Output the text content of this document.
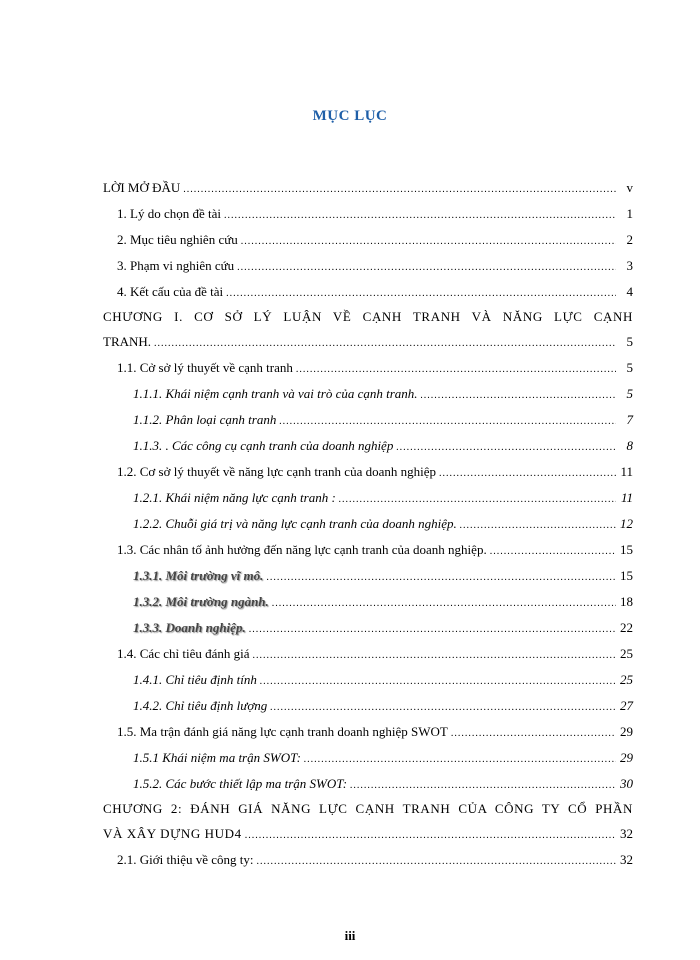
MỤC LỤC
LỜI MỞ ĐẦU .....	v
1. Lý do chọn đề tài .....	1
2. Mục tiêu nghiên cứu .....	2
3. Phạm vi nghiên cứu .....	3
4. Kết cấu của đề tài .....	4
CHƯƠNG I. CƠ SỞ LÝ LUẬN VỀ CẠNH TRANH VÀ NĂNG LỰC CẠNH
TRANH. .....	5
1.1. Cở sở lý thuyết về cạnh tranh .....	5
1.1.1. Khái niệm cạnh tranh và vai trò của cạnh tranh. .....	5
1.1.2. Phân loại cạnh tranh .....	7
1.1.3. . Các công cụ cạnh tranh của doanh nghiệp .....	8
1.2. Cơ sở lý thuyết về năng lực cạnh tranh của doanh nghiệp .....	11
1.2.1. Khái niệm năng lực cạnh tranh : .....	11
1.2.2. Chuỗi giá trị và năng lực cạnh tranh của doanh nghiệp. .....	12
1.3. Các nhân tố ảnh hưởng đến năng lực cạnh tranh của doanh nghiệp. .....	15
1.3.1. Môi trường vĩ mô. .....	15
1.3.2. Môi trường ngành. .....	18
1.3.3. Doanh nghiệp. .....	22
1.4. Các chỉ tiêu đánh giá .....	25
1.4.1. Chỉ tiêu định tính .....	25
1.4.2. Chỉ tiêu định lượng .....	27
1.5. Ma trận đánh giá năng lực cạnh tranh doanh nghiệp SWOT .....	29
1.5.1 Khái niệm ma trận SWOT: .....	29
1.5.2. Các bước thiết lập ma trận SWOT: .....	30
CHƯƠNG 2: ĐÁNH GIÁ NĂNG LỰC CẠNH TRANH CỦA CÔNG TY CỔ PHẦN
VÀ XÂY DỰNG HUD4 .....	32
2.1. Giới thiệu về công ty: .....	32
iii
